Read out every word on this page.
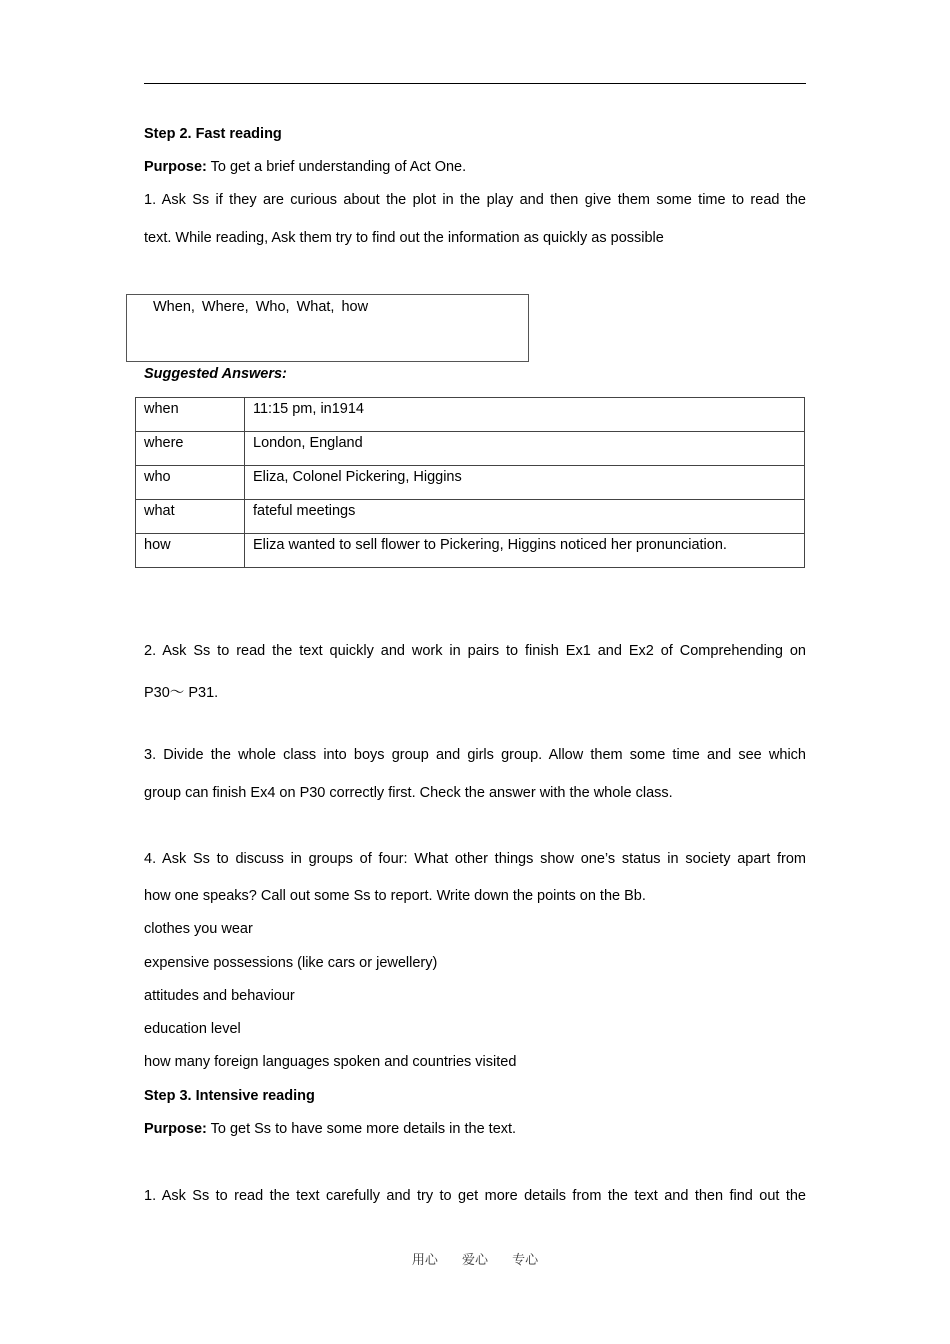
Step 2. Fast reading
Purpose: To get a brief understanding of Act One.
1. Ask Ss if they are curious about the plot in the play and then give them some time to read the
text. While reading, Ask them try to find out the information as quickly as possible
When, Where, Who, What, how
Suggested Answers:
when	11:15 pm, in1914
where	London, England
who	Eliza, Colonel Pickering, Higgins
what	fateful meetings
how	Eliza wanted to sell flower to Pickering, Higgins noticed her pronunciation.
2. Ask Ss to read the text quickly and work in pairs to finish Ex1 and Ex2 of Comprehending on
P30～ P31.
3. Divide the whole class into boys group and girls group. Allow them some time and see which
group can finish Ex4 on P30 correctly first. Check the answer with the whole class.
4. Ask Ss to discuss in groups of four: What other things show one’s status in society apart from
how one speaks? Call out some Ss to report. Write down the points on the Bb.
clothes you wear
expensive possessions (like cars or jewellery)
attitudes and behaviour
education level
how many foreign languages spoken and countries visited
Step 3. Intensive reading
Purpose: To get Ss to have some more details in the text.
1. Ask Ss to read the text carefully and try to get more details from the text and then find out the
用心 爱心 专心
